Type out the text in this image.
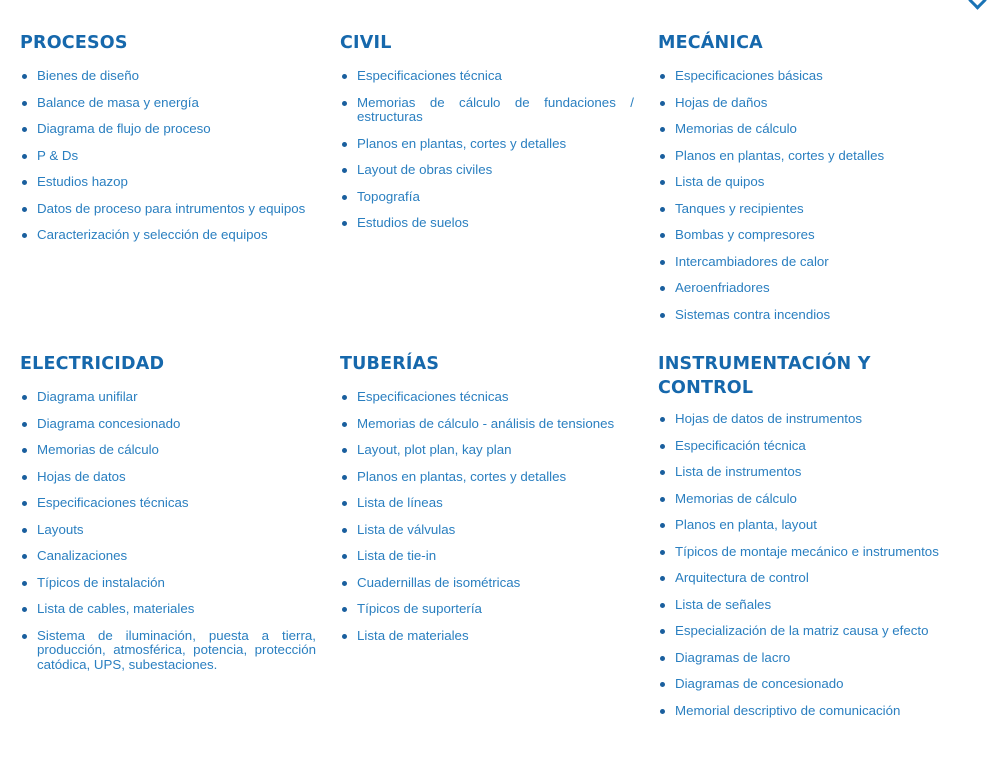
PROCESOS
Bienes de diseño
Balance de masa y energía
Diagrama de flujo de proceso
P & Ds
Estudios hazop
Datos de proceso para intrumentos y equipos
Caracterización y selección de equipos
CIVIL
Especificaciones técnica
Memorias de cálculo de fundaciones / estructuras
Planos en plantas, cortes y detalles
Layout de obras civiles
Topografía
Estudios de suelos
MECÁNICA
Especificaciones básicas
Hojas de daños
Memorias de cálculo
Planos en plantas, cortes y detalles
Lista de quipos
Tanques y recipientes
Bombas y compresores
Intercambiadores de calor
Aeroenfriadores
Sistemas contra incendios
ELECTRICIDAD
Diagrama unifilar
Diagrama concesionado
Memorias de cálculo
Hojas de datos
Especificaciones técnicas
Layouts
Canalizaciones
Típicos de instalación
Lista de cables, materiales
Sistema de iluminación, puesta a tierra, producción, atmosférica, potencia, protección catódica, UPS, subestaciones.
TUBERÍAS
Especificaciones técnicas
Memorias de cálculo - análisis de tensiones
Layout, plot plan, kay plan
Planos en plantas, cortes y detalles
Lista de líneas
Lista de válvulas
Lista de tie-in
Cuadernillas de isométricas
Típicos de suportería
Lista de materiales
INSTRUMENTACIÓN Y
CONTROL
Hojas de datos de instrumentos
Especificación técnica
Lista de instrumentos
Memorias de cálculo
Planos en planta, layout
Típicos de montaje mecánico e instrumentos
Arquitectura de control
Lista de señales
Especialización de la matriz causa y efecto
Diagramas de lacro
Diagramas de concesionado
Memorial descriptivo de comunicación
